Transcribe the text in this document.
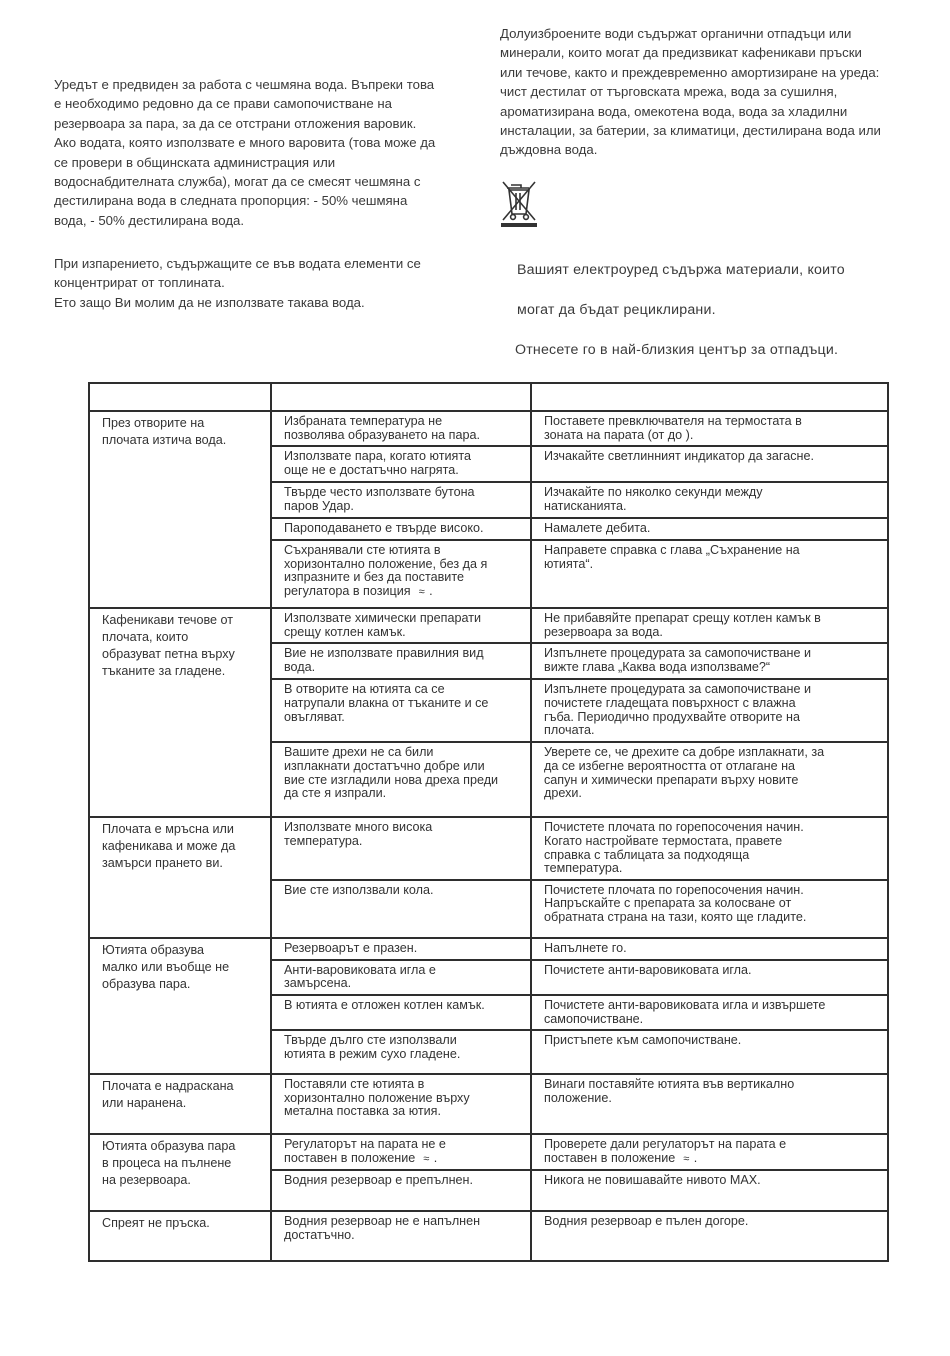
Уредът е предвиден за работа с чешмяна вода. Въпреки това
е необходимо редовно да се прави самопочистване на
резервоара за пара, за да се отстрани отложения варовик.
Ако водата, която използвате е много варовита (това може да
се провери в общинската администрация или
водоснабдителната служба), могат да се смесят чешмяна с
дестилирана вода в следната пропорция: - 50% чешмяна
вода, - 50% дестилирана вода.

При изпарението, съдържащите се във водата елементи се
концентрират от топлината.
Ето защо Ви молим да не използвате такава вода.

Долуизброените води съдържат органични отпадъци или
минерали, които могат да предизвикат кафеникави пръски
или течове, както и преждевременно амортизиране на уреда:
чист дестилат от търговската мрежа, вода за сушилня,
ароматизирана вода, омекотена вода, вода за хладилни
инсталации, за батерии, за климатици, дестилирана вода или
дъждовна вода.

Вашият електроуред съдържа материали, които

могат да бъдат рециклирани.

Отнесете го в най-близкия център за отпадъци.

През отворите на
плочата изтича вода.	Избраната температура не
позволява образуването на пара.	Поставете превключвателя на термостата в
зоната на парата (от до ).

	Използвате пара, когато ютията
още не е достатъчно нагрята.	Изчакайте светлинният индикатор да загасне.

	Твърде често използвате бутона
паров Удар.	Изчакайте по няколко секунди между
натисканията.

	Пароподаването е твърде високо.	Намалете дебита.

	Съхранявали сте ютията в
хоризонтално положение, без да я
изпразните и без да поставите
регулатора в позиция ≈ .	Направете справка с глава „Съхранение на
ютията“.

Кафеникави течове от
плочата, които
образуват петна върху
тъканите за гладене.	Използвате химически препарати
срещу котлен камък.	Не прибавяйте препарат срещу котлен камък в
резервоара за вода.

	Вие не използвате правилния вид
вода.	Изпълнете процедурата за самопочистване и
вижте глава „Каква вода използваме?“

	В отворите на ютията са се
натрупали влакна от тъканите и се
овъгляват.	Изпълнете процедурата за самопочистване и
почистете гладещата повърхност с влажна
гъба. Периодично продухвайте отворите на
плочата.

	Вашите дрехи не са били
изплакнати достатъчно добре или
вие сте изгладили нова дреха преди
да сте я изпрали.	Уверете се, че дрехите са добре изплакнати, за
да се избегне вероятността от отлагане на
сапун и химически препарати върху новите
дрехи.

Плочата е мръсна или
кафеникава и може да
замърси прането ви.	Използвате много висока
температура.	Почистете плочата по горепосочения начин.
Когато настройвате термостата, правете
справка с таблицата за подходяща
температура.

	Вие сте използвали кола.	Почистете плочата по горепосочения начин.
Напръскайте с препарата за колосване от
обратната страна на тази, която ще гладите.

Ютията образува
малко или въобще не
образува пара.	Резервоарът е празен.	Напълнете го.

	Анти-варовиковата игла е
замърсена.	Почистете анти-варовиковата игла.

	В ютията е отложен котлен камък.	Почистете анти-варовиковата игла и извършете
самопочистване.

	Твърде дълго сте използвали
ютията в режим сухо гладене.	Пристъпете към самопочистване.

Плочата е надраскана
или наранена.	Поставяли сте ютията в
хоризонтално положение върху
метална поставка за ютия.	Винаги поставяйте ютията във вертикално
положение.

Ютията образува пара
в процеса на пълнене
на резервоара.	Регулаторът на парата не е
поставен в положение ≈ .	Проверете дали регулаторът на парата е
поставен в положение ≈ .

	Водния резервоар е препълнен.	Никога не повишавайте нивото MAX.

Спреят не пръска.	Водния резервоар не е напълнен
достатъчно.	Водния резервоар е пълен догоре.
